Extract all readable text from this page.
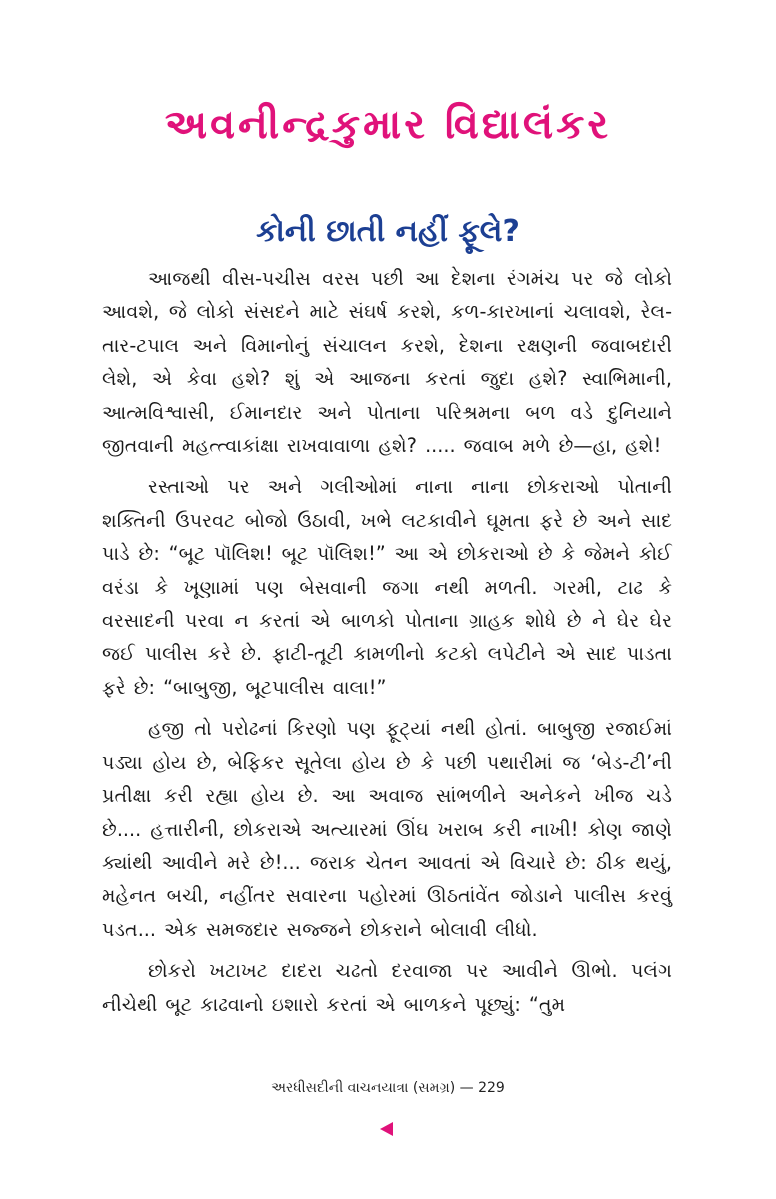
અવનીન્દ્રકુમાર વિદ્યાલંકર
કોની છાતી નહીં ફૂલે?

આજથી વીસ-પચીસ વરસ પછી આ દેશના રંગમંચ પર જે લોકો આવશે, જે લોકો સંસદને માટે સંઘર્ષ કરશે, કળ-કારખાનાં ચલાવશે, રેલ-તાર-ટપાલ અને વિમાનોનું સંચાલન કરશે, દેશના રક્ષણની જવાબદારી લેશે, એ કેવા હશે? શું એ આજના કરતાં જુદા હશે? સ્વાભિમાની, આત્મવિશ્વાસી, ઈમાનદાર અને પોતાના પરિશ્રમના બળ વડે દુનિયાને જીતવાની મહત્ત્વાકાંક્ષા રાખવાવાળા હશે? ..... જવાબ મળે છે—હા, હશે!

રસ્તાઓ પર અને ગલીઓમાં નાના નાના છોકરાઓ પોતાની શક્તિની ઉપરવટ બોજો ઉઠાવી, ખભે લટકાવીને ઘૂમતા ફરે છે અને સાદ પાડે છે: “બૂટ પૉલિશ! બૂટ પૉલિશ!” આ એ છોકરાઓ છે કે જેમને કોઈ વરંડા કે ખૂણામાં પણ બેસવાની જગા નથી મળતી. ગરમી, ટાઢ કે વરસાદની પરવા ન કરતાં એ બાળકો પોતાના ગ્રાહક શોધે છે ને ઘેર ઘેર જઈ પાલીસ કરે છે. ફાટી-તૂટી કામળીનો કટકો લપેટીને એ સાદ પાડતા ફરે છે: “બાબુજી, બૂટપાલીસ વાલા!”

હજી તો પરોઢનાં કિરણો પણ ફૂટ્યાં નથી હોતાં. બાબુજી રજાઈમાં પડ્યા હોય છે, બેફિકર સૂતેલા હોય છે કે પછી પથારીમાં જ ‘બેડ-ટી’ની પ્રતીક્ષા કરી રહ્યા હોય છે. આ અવાજ સાંભળીને અનેકને ખીજ ચડે છે.... હત્તારીની, છોકરાએ અત્યારમાં ઊંઘ ખરાબ કરી નાખી! કોણ જાણે ક્યાંથી આવીને મરે છે!... જરાક ચેતન આવતાં એ વિચારે છે: ઠીક થયું, મહેનત બચી, નહીંતર સવારના પહોરમાં ઊઠતાંવેંત જોડાને પાલીસ કરવું પડત... એક સમજદાર સજ્જને છોકરાને બોલાવી લીધો.

છોકરો ખટાખટ દાદરા ચઢતો દરવાજા પર આવીને ઊભો. પલંગ નીચેથી બૂટ કાઢવાનો ઇશારો કરતાં એ બાળકને પૂછ્યું: “તુમ

અરધીસદીની વાચનયાત્રા (સમગ્ર) — 229
